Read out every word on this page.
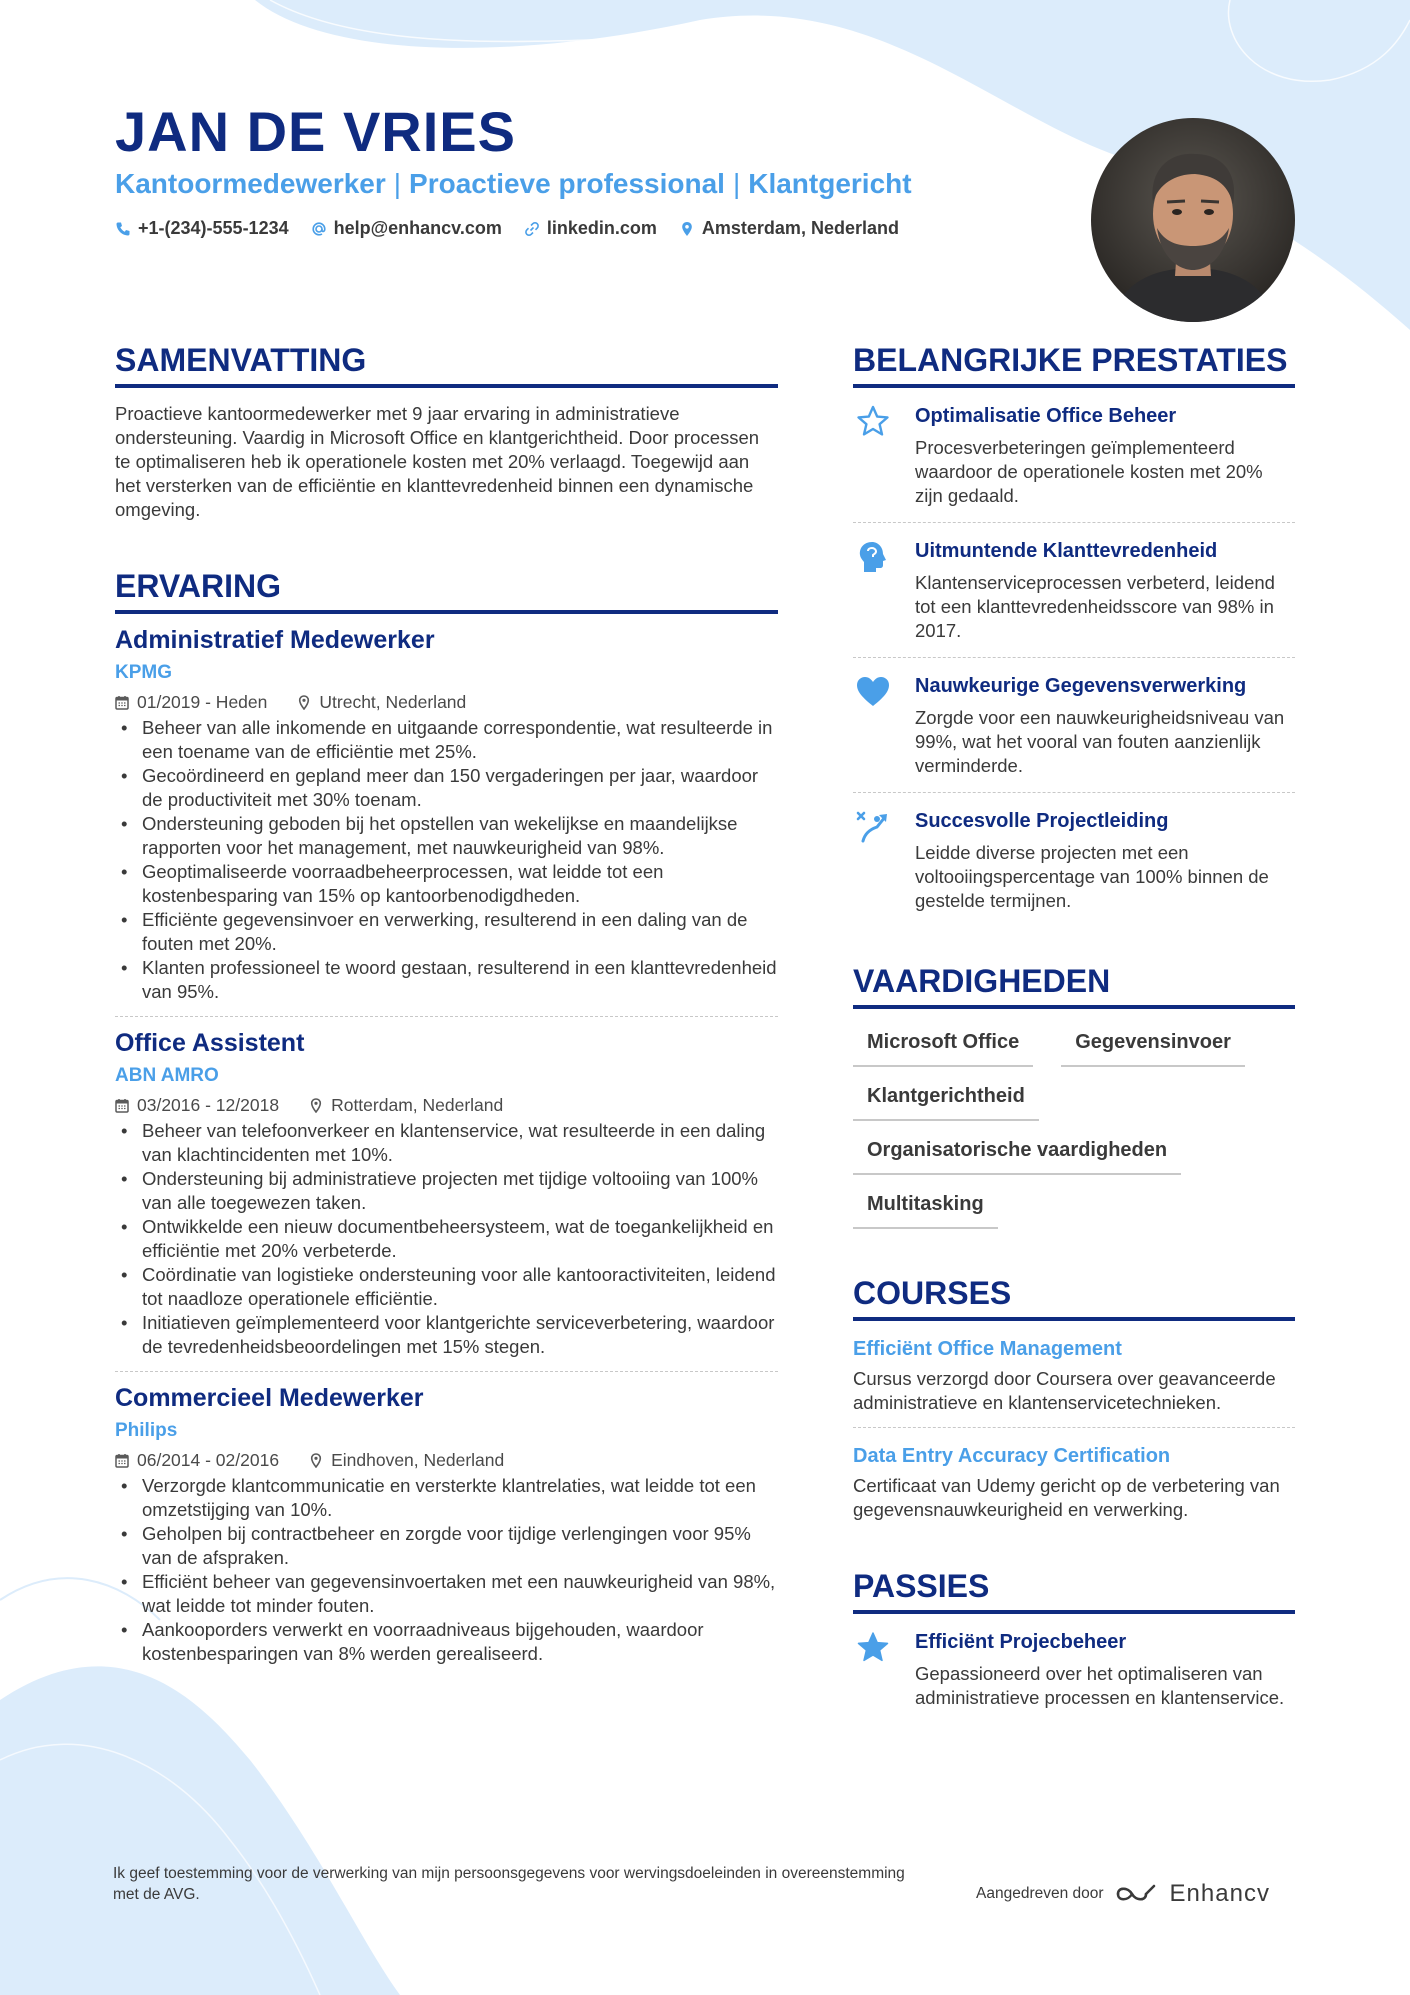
JAN DE VRIES
Kantoormedewerker | Proactieve professional | Klantgericht
+1-(234)-555-1234	help@enhancv.com	linkedin.com	Amsterdam, Nederland
SAMENVATTING

Proactieve kantoormedewerker met 9 jaar ervaring in administratieve ondersteuning. Vaardig in Microsoft Office en klantgerichtheid. Door processen te optimaliseren heb ik operationele kosten met 20% verlaagd. Toegewijd aan het versterken van de efficiëntie en klanttevredenheid binnen een dynamische omgeving.

ERVARING
Administratief Medewerker
KPMG
01/2019 - Heden	Utrecht, Nederland
• Beheer van alle inkomende en uitgaande correspondentie, wat resulteerde in een toename van de efficiëntie met 25%.
• Gecoördineerd en gepland meer dan 150 vergaderingen per jaar, waardoor de productiviteit met 30% toenam.
• Ondersteuning geboden bij het opstellen van wekelijkse en maandelijkse rapporten voor het management, met nauwkeurigheid van 98%.
• Geoptimaliseerde voorraadbeheerprocessen, wat leidde tot een kostenbesparing van 15% op kantoorbenodigdheden.
• Efficiënte gegevensinvoer en verwerking, resulterend in een daling van de fouten met 20%.
• Klanten professioneel te woord gestaan, resulterend in een klanttevredenheid van 95%.
Office Assistent
ABN AMRO
03/2016 - 12/2018	Rotterdam, Nederland
• Beheer van telefoonverkeer en klantenservice, wat resulteerde in een daling van klachtincidenten met 10%.
• Ondersteuning bij administratieve projecten met tijdige voltooiing van 100% van alle toegewezen taken.
• Ontwikkelde een nieuw documentbeheersysteem, wat de toegankelijkheid en efficiëntie met 20% verbeterde.
• Coördinatie van logistieke ondersteuning voor alle kantooractiviteiten, leidend tot naadloze operationele efficiëntie.
• Initiatieven geïmplementeerd voor klantgerichte serviceverbetering, waardoor de tevredenheidsbeoordelingen met 15% stegen.
Commercieel Medewerker
Philips
06/2014 - 02/2016	Eindhoven, Nederland
• Verzorgde klantcommunicatie en versterkte klantrelaties, wat leidde tot een omzetstijging van 10%.
• Geholpen bij contractbeheer en zorgde voor tijdige verlengingen voor 95% van de afspraken.
• Efficiënt beheer van gegevensinvoertaken met een nauwkeurigheid van 98%, wat leidde tot minder fouten.
• Aankooporders verwerkt en voorraadniveaus bijgehouden, waardoor kostenbesparingen van 8% werden gerealiseerd.
BELANGRIJKE PRESTATIES
Optimalisatie Office Beheer
Procesverbeteringen geïmplementeerd waardoor de operationele kosten met 20% zijn gedaald.
Uitmuntende Klanttevredenheid
Klantenserviceprocessen verbeterd, leidend tot een klanttevredenheidsscore van 98% in 2017.
Nauwkeurige Gegevensverwerking
Zorgde voor een nauwkeurigheidsniveau van 99%, wat het vooral van fouten aanzienlijk verminderde.
Succesvolle Projectleiding
Leidde diverse projecten met een voltooiingspercentage van 100% binnen de gestelde termijnen.
VAARDIGHEDEN
Microsoft Office	Gegevensinvoer
Klantgerichtheid
Organisatorische vaardigheden
Multitasking
COURSES
Efficiënt Office Management
Cursus verzorgd door Coursera over geavanceerde administratieve en klantenservicetechnieken.
Data Entry Accuracy Certification
Certificaat van Udemy gericht op de verbetering van gegevensnauwkeurigheid en verwerking.
PASSIES
Efficiënt Projecbeheer
Gepassioneerd over het optimaliseren van administratieve processen en klantenservice.
Ik geef toestemming voor de verwerking van mijn persoonsgegevens voor wervingsdoeleinden in overeenstemming met de AVG.	Aangedreven door	Enhancv
